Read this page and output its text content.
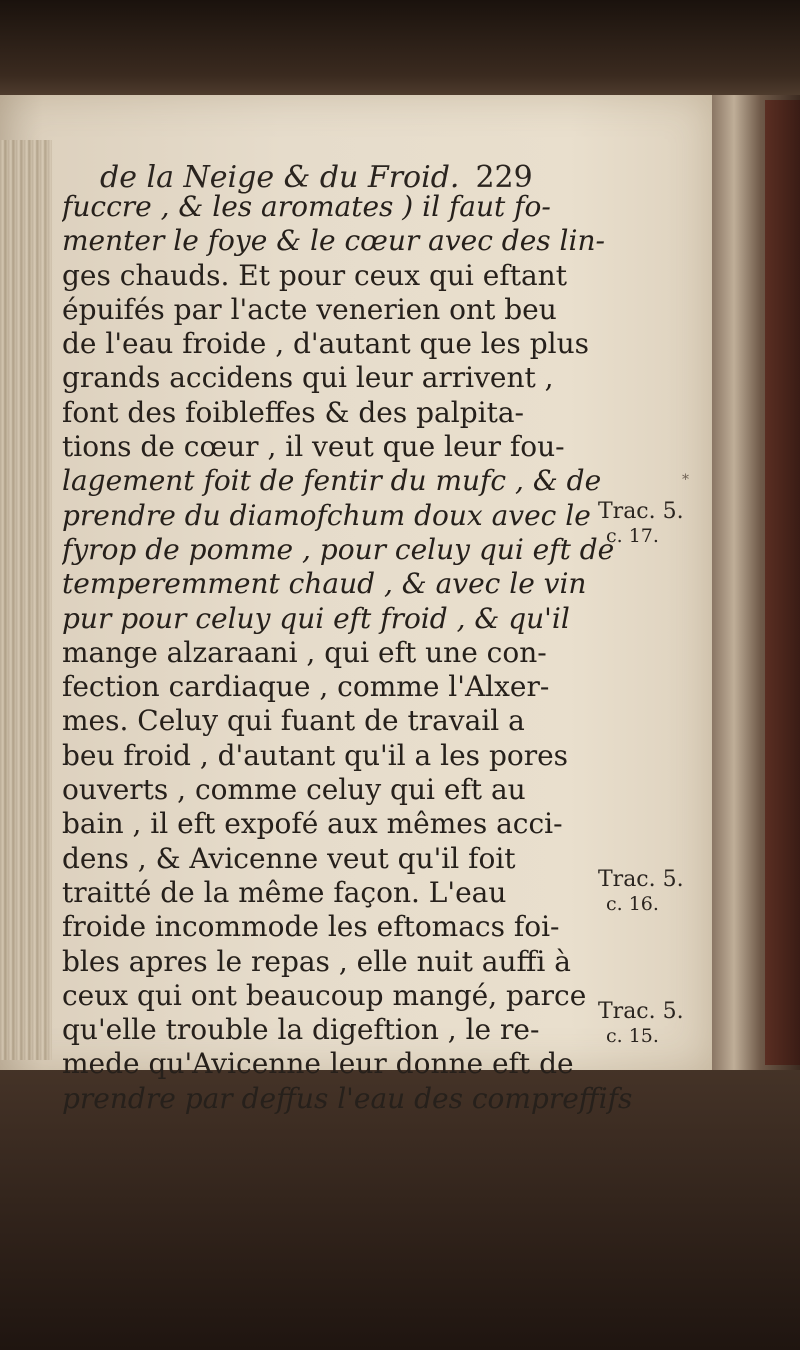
de la Neige & du Froid. 229
fuccre , & les aromates ) il faut fo-
menter le foye & le cœur avec des lin-
ges chauds. Et pour ceux qui eftant
épuifés par l'acte venerien ont beu
de l'eau froide , d'autant que les plus
grands accidens qui leur arrivent ,
font des foibleffes & des palpita-
tions de cœur , il veut que leur fou-
lagement foit de fentir du mufc , & de
prendre du diamofchum doux avec le
fyrop de pomme , pour celuy qui eft de
temperemment chaud , & avec le vin
pur pour celuy qui eft froid , & qu'il
mange alzaraani , qui eft une con-
fection cardiaque , comme l'Alxer-
mes. Celuy qui fuant de travail a
beu froid , d'autant qu'il a les pores
ouverts , comme celuy qui eft au
bain , il eft expofé aux mêmes acci-
dens , & Avicenne veut qu'il foit
traitté de la même façon. L'eau
froide incommode les eftomacs foi-
bles apres le repas , elle nuit auffi à
ceux qui ont beaucoup mangé, parce
qu'elle trouble la digeftion , le re-
mede qu'Avicenne leur donne eft de
prendre par deffus l'eau des compreffifs
Trac. 5.
c. 17.
Trac. 5.
c. 16.
Trac. 5.
c. 15.
*
